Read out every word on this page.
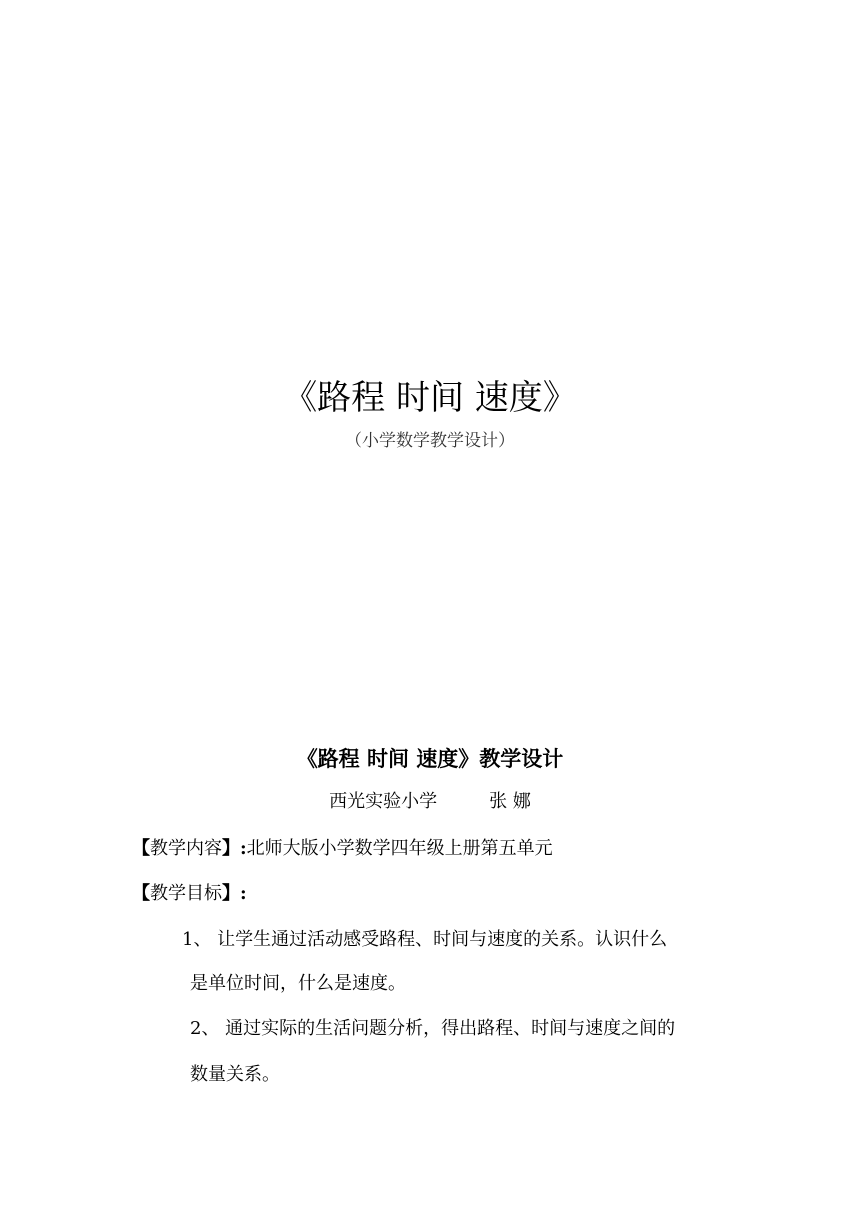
《路程 时间 速度》
（小学数学教学设计）
《路程 时间 速度》教学设计
西光实验小学	张 娜
【教学内容】:北师大版小学数学四年级上册第五单元
【教学目标】:
1、 让学生通过活动感受路程、时间与速度的关系。认识什么
是单位时间，什么是速度。
2、 通过实际的生活问题分析，得出路程、时间与速度之间的
数量关系。
